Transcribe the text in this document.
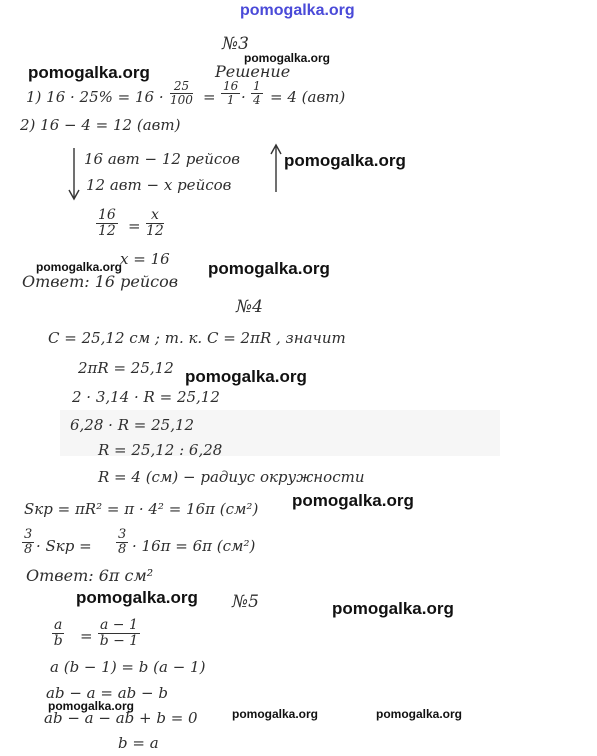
pomogalka.org
№3
Решение
1) $16 \cdot 25\% = 16 \cdot \frac{25}{100} = \frac{16}{1} \cdot \frac{1}{4} = 4$ (авт)
2) 16 − 4 = 12 (авт)
16 авт − 12 рейсов
12 авт − x рейсов
$\frac{16}{12} = \frac{x}{12}$
x = 16
Ответ: 16 рейсов
№4
C = 25,12 см ; т. к. C = 2πR , значит
2πR = 25,12
2 · 3,14 · R = 25,12
6,28 · R = 25,12
R = 25,12 : 6,28
R = 4 (см) − радиус окружности
Sкр = πR² = π · 4² = 16π (см²)
$\frac{3}{8}$ · Sкр = $\frac{3}{8} \cdot 16\pi = 6\pi$ (см²)
Ответ: 6π см²
№5
$\frac{a}{b} = \frac{a - 1}{b - 1}$
a (b − 1) = b (a − 1)
ab − a = ab − b
ab − a − ab + b = 0
b = a
pomogalka.org
pomogalka.org
pomogalka.org
pomogalka.org	pomogalka.org
pomogalka.org
pomogalka.org
pomogalka.org
pomogalka.org
pomogalka.org
pomogalka.org	pomogalka.org
